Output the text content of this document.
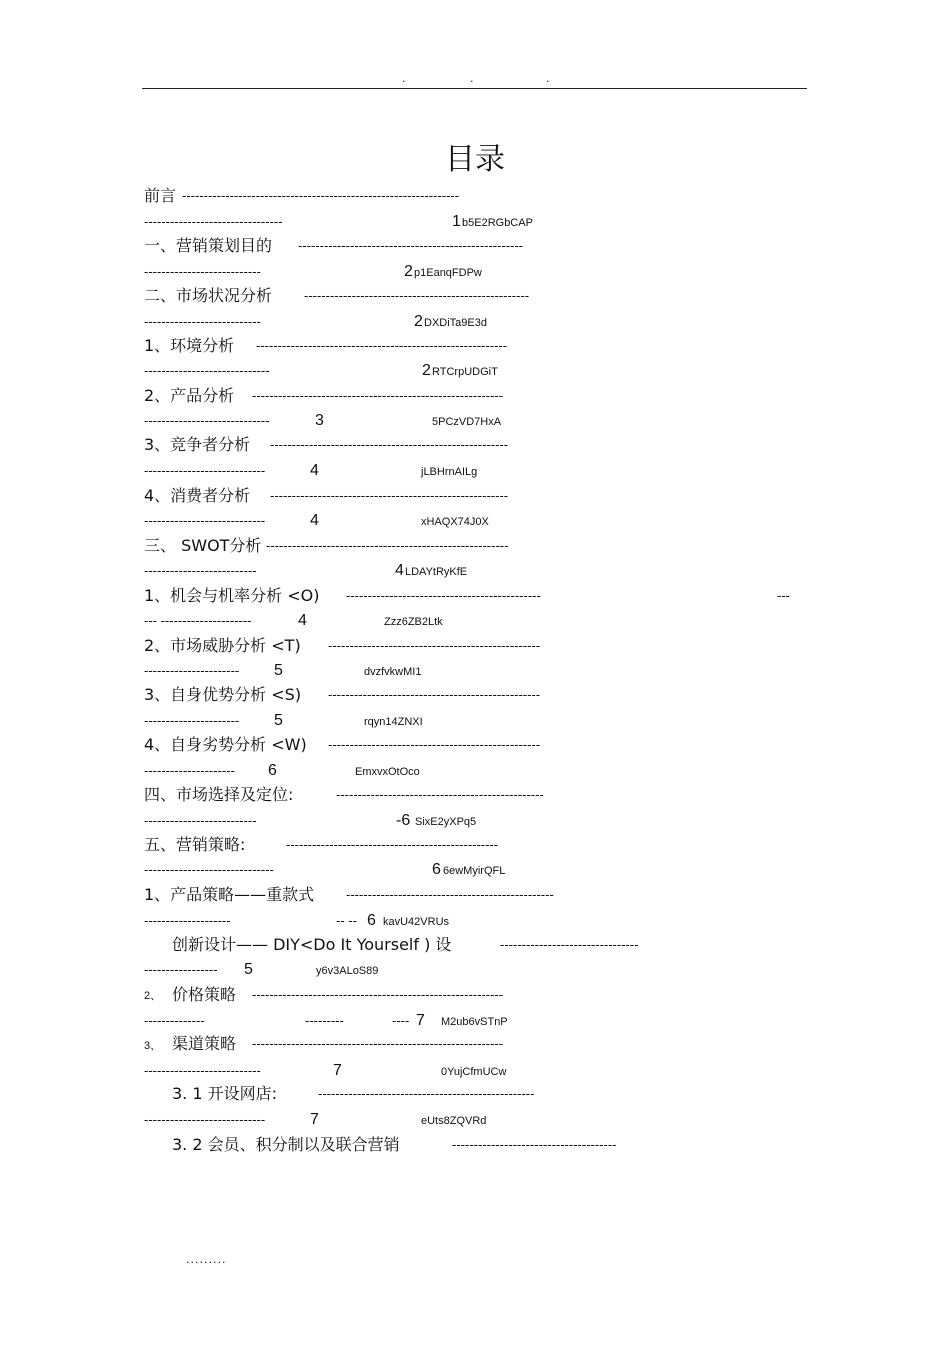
.	.	.
目录
前言 ----------------------------------------------------------------
--------------------------------	1 b5E2RGbCAP
一、营销策划目的 ----------------------------------------------------
---------------------------	2 p1EanqFDPw
二、市场状况分析 ----------------------------------------------------
---------------------------	2 DXDiTa9E3d
1、环境分析 ----------------------------------------------------------
-----------------------------	2 RTCrpUDGiT
2、产品分析 ----------------------------------------------------------
-----------------------------	3	5PCzVD7HxA
3、竞争者分析 -------------------------------------------------------
----------------------------	4	jLBHrnAILg
4、消费者分析 -------------------------------------------------------
----------------------------	4	xHAQX74J0X
三、 SWOT分析 --------------------------------------------------------
--------------------------	4 LDAYtRyKfE
1、机会与机率分析 <O) ---------------------------------------------	---
--- ---------------------	4	Zzz6ZB2Ltk
2、市场威胁分析 <T) -------------------------------------------------
---------------------- 5	dvzfvkwMI1
3、自身优势分析 <S) -------------------------------------------------
---------------------- 5	rqyn14ZNXI
4、自身劣势分析 <W) -------------------------------------------------
--------------------- 6	EmxvxOtOco
四、市场选择及定位:	------------------------------------------------
--------------------------	-6 SixE2yXPq5
五、营销策略:	-------------------------------------------------
------------------------------	6 6ewMyirQFL
1、产品策略——重款式 ------------------------------------------------
--------------------	-- -- 6 kavU42VRUs
创新设计—— DIY<Do It Yourself ) 设	--------------------------------
----------------- 5	y6v3ALoS89
2、 价格策略 ----------------------------------------------------------
--------------	---------	---- 7 M2ub6vSTnP
3、 渠道策略 ----------------------------------------------------------
---------------------------	7	0YujCfmUCw
3. 1 开设网店:	--------------------------------------------------
----------------------------	7	eUts8ZQVRd
3. 2 会员、积分制以及联合营销	--------------------------------------
.........
